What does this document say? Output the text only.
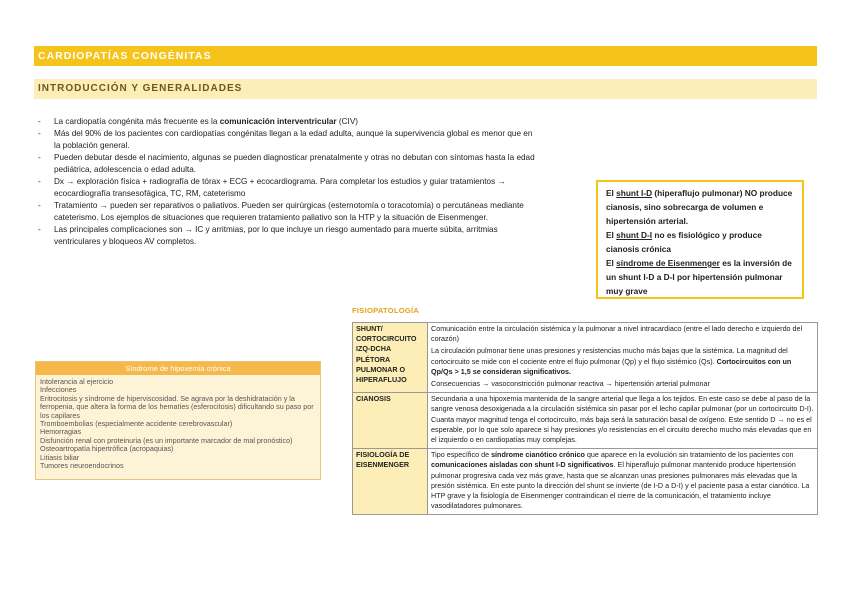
CARDIOPATÍAS CONGÉNITAS
INTRODUCCIÓN Y GENERALIDADES
- La cardiopatía congénita más frecuente es la comunicación interventricular (CIV)
- Más del 90% de los pacientes con cardiopatías congénitas llegan a la edad adulta, aunque la supervivencia global es menor que en la población general.
- Pueden debutar desde el nacimiento, algunas se pueden diagnosticar prenatalmente y otras no debutan con síntomas hasta la edad pediátrica, adolescencia o edad adulta.
- Dx → exploración física + radiografía de tórax + ECG + ecocardiograma. Para completar los estudios y guiar tratamientos → ecocardiografía transesofágica, TC, RM, cateterismo
- Tratamiento → pueden ser reparativos o paliativos. Pueden ser quirúrgicas (esternotomía o toracotomía) o percutáneas mediante cateterismo. Los ejemplos de situaciones que requieren tratamiento paliativo son la HTP y la situación de Eisenmenger.
- Las principales complicaciones son → IC y arritmias, por lo que incluye un riesgo aumentado para muerte súbita, arritmias ventriculares y bloqueos AV completos.

El shunt I-D (hiperaflujo pulmonar) NO produce cianosis, sino sobrecarga de volumen e hipertensión arterial.

El shunt D-I no es fisiológico y produce cianosis crónica

El síndrome de Eisenmenger es la inversión de un shunt I-D a D-I por hipertensión pulmonar muy grave

FISIOPATOLOGÍA
SHUNT/ CORTOCIRCUITO IZQ-DCHA PLÉTORA PULMONAR O HIPERAFLUJO	Comunicación entre la circulación sistémica y la pulmonar a nivel intracardiaco (entre el lado derecho e izquierdo del corazón)

La circulación pulmonar tiene unas presiones y resistencias mucho más bajas que la sistémica. La magnitud del cortocircuito se mide con el cociente entre el flujo pulmonar (Qp) y el flujo sistémico (Qs). Cortocircuitos con un Qp/Qs > 1,5 se consideran significativos.

Consecuencias → vasoconstricción pulmonar reactiva → hipertensión arterial pulmonar

CIANOSIS	Secundaria a una hipoxemia mantenida de la sangre arterial que llega a los tejidos. En este caso se debe al paso de la sangre venosa desoxigenada a la circulación sistémica sin pasar por el lecho capilar pulmonar (por un cortocircuito D-I). Cuanta mayor magnitud tenga el cortocircuito, más baja será la saturación basal de oxígeno. Este sentido D → no es el esperable, por lo que solo aparece si hay presiones y/o resistencias en el circuito derecho mucho más elevadas que en el izquierdo o en cardiopatías muy complejas.

FISIOLOGÍA DE EISENMENGER	Tipo específico de síndrome cianótico crónico que aparece en la evolución sin tratamiento de los pacientes con comunicaciones aisladas con shunt I-D significativos. El hiperaflujo pulmonar mantenido produce hipertensión pulmonar progresiva cada vez más grave, hasta que se alcanzan unas presiones pulmonares más elevadas que la presión sistémica. En este punto la dirección del shunt se invierte (de I-D a D-I) y el paciente pasa a estar cianótico. La HTP grave y la fisiología de Eisenmenger contraindican el cierre de la comunicación, el tratamiento incluye vasodilatadores pulmonares.

Síndrome de hipoxemia crónica
Intolerancia al ejercicio
Infecciones
Eritrocitosis y síndrome de hiperviscosidad. Se agrava por la deshidratación y la ferropenia, que altera la forma de los hematíes (esferocitosis) dificultando su paso por los capilares
Tromboembolias (especialmente accidente cerebrovascular)
Hemorragias
Disfunción renal con proteinuria (es un importante marcador de mal pronóstico)
Osteoartropatía hipertrófica (acropaquias)
Litiasis biliar
Tumores neuroendocrinos
